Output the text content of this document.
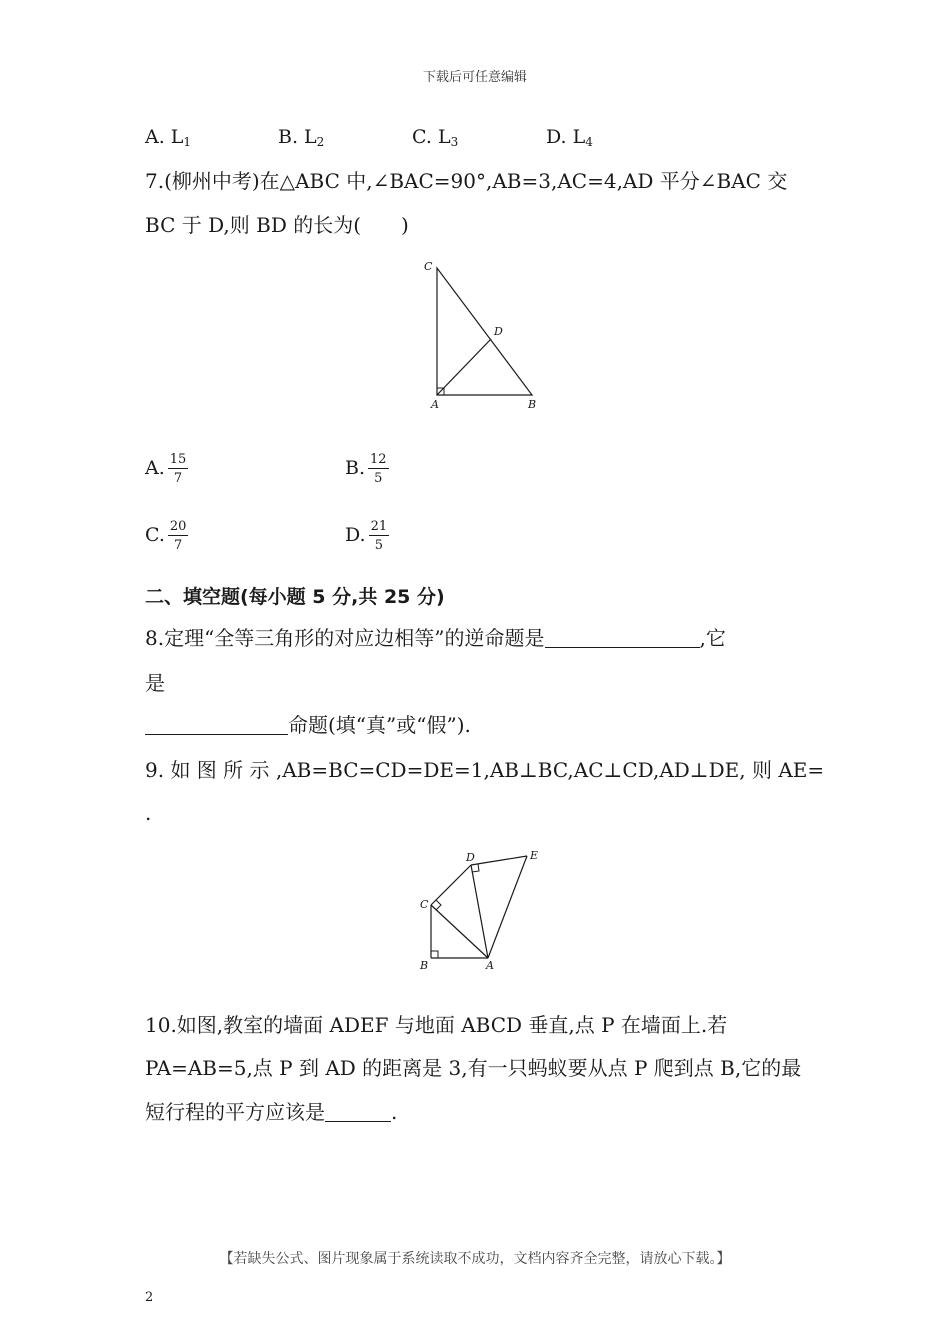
下载后可任意编辑
A. $L_1$	B. $L_2$	C. $L_3$	D. $L_4$
7.(柳州中考)在△ABC 中,∠BAC=90°,AB=3,AC=4,AD 平分∠BAC 交
BC 于 D,则 BD 的长为(　　)
C
D
A	B
A. $\frac{15}{7}$	B. $\frac{12}{5}$
C. $\frac{20}{7}$	D. $\frac{21}{5}$
二、填空题(每小题 5 分,共 25 分)
8.定理“全等三角形的对应边相等”的逆命题是	,它
是
命题(填“真”或“假”).
9. 如 图 所 示 ,AB=BC=CD=DE=1,AB⊥BC,AC⊥CD,AD⊥DE, 则 AE=
.
D	E
C
B	A
10.如图,教室的墙面 ADEF 与地面 ABCD 垂直,点 P 在墙面上.若
PA=AB=5,点 P 到 AD 的距离是 3,有一只蚂蚁要从点 P 爬到点 B,它的最
短行程的平方应该是	.
【若缺失公式、图片现象属于系统读取不成功，文档内容齐全完整，请放心下载。】
2
